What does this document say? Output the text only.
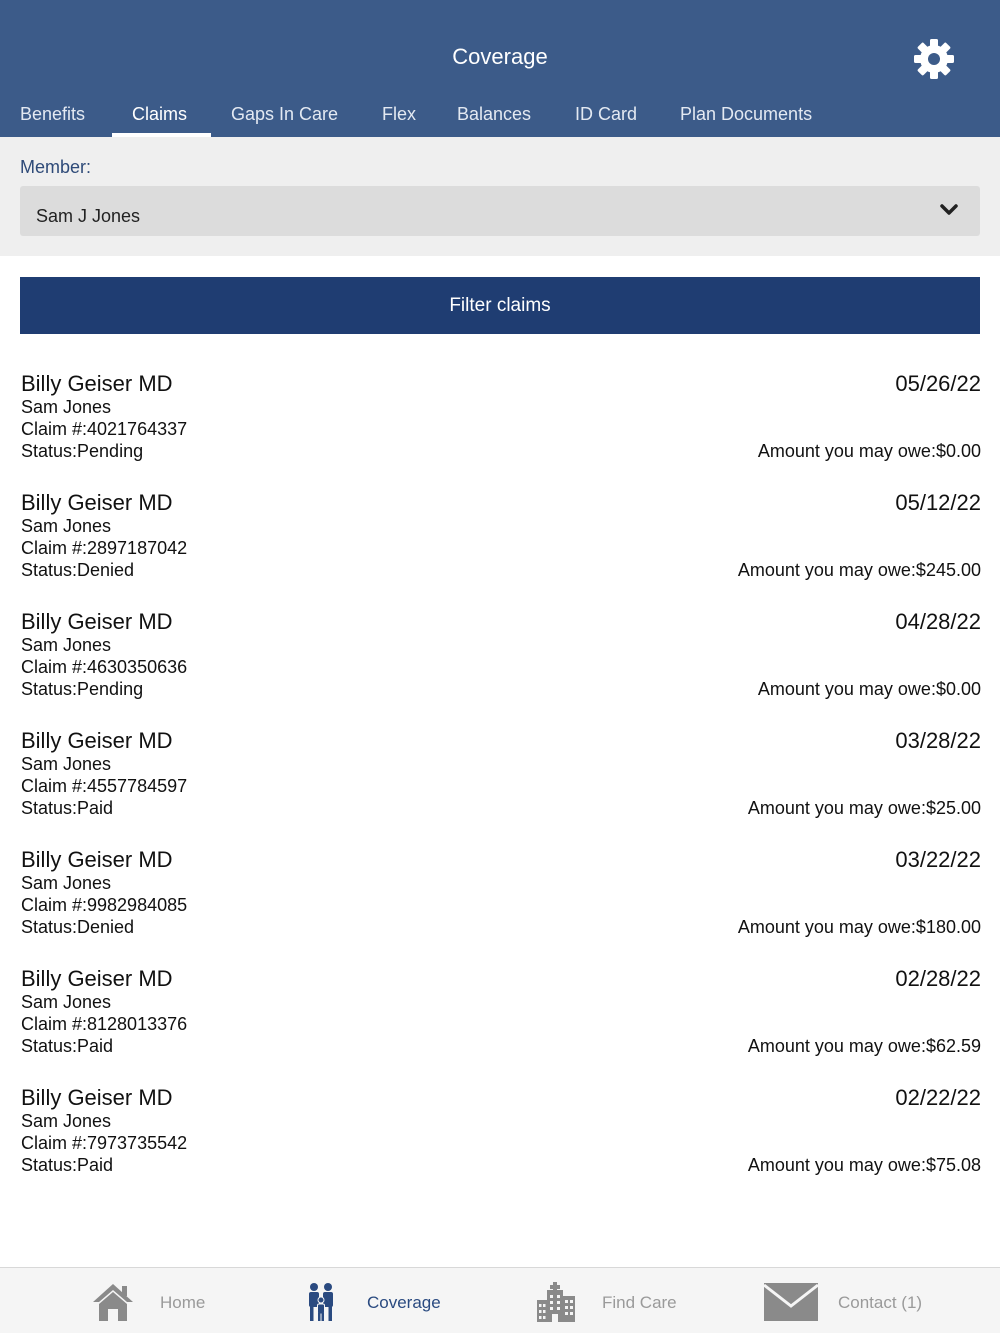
Coverage
Benefits	Claims Gaps In Care Flex Balances ID Card Plan Documents
Member:
Sam J Jones
Filter claims
Billy Geiser MD
Sam Jones
Claim #:4021764337
Status:Pending
05/26/22
Amount you may owe:$0.00
Billy Geiser MD
Sam Jones
Claim #:2897187042
Status:Denied
05/12/22
Amount you may owe:$245.00
Billy Geiser MD
Sam Jones
Claim #:4630350636
Status:Pending
04/28/22
Amount you may owe:$0.00
Billy Geiser MD
Sam Jones
Claim #:4557784597
Status:Paid
03/28/22
Amount you may owe:$25.00
Billy Geiser MD
Sam Jones
Claim #:9982984085
Status:Denied
03/22/22
Amount you may owe:$180.00
Billy Geiser MD
Sam Jones
Claim #:8128013376
Status:Paid
02/28/22
Amount you may owe:$62.59
Billy Geiser MD
Sam Jones
Claim #:7973735542
Status:Paid
02/22/22
Amount you may owe:$75.08
Home	Coverage	Find Care	Contact (1)
